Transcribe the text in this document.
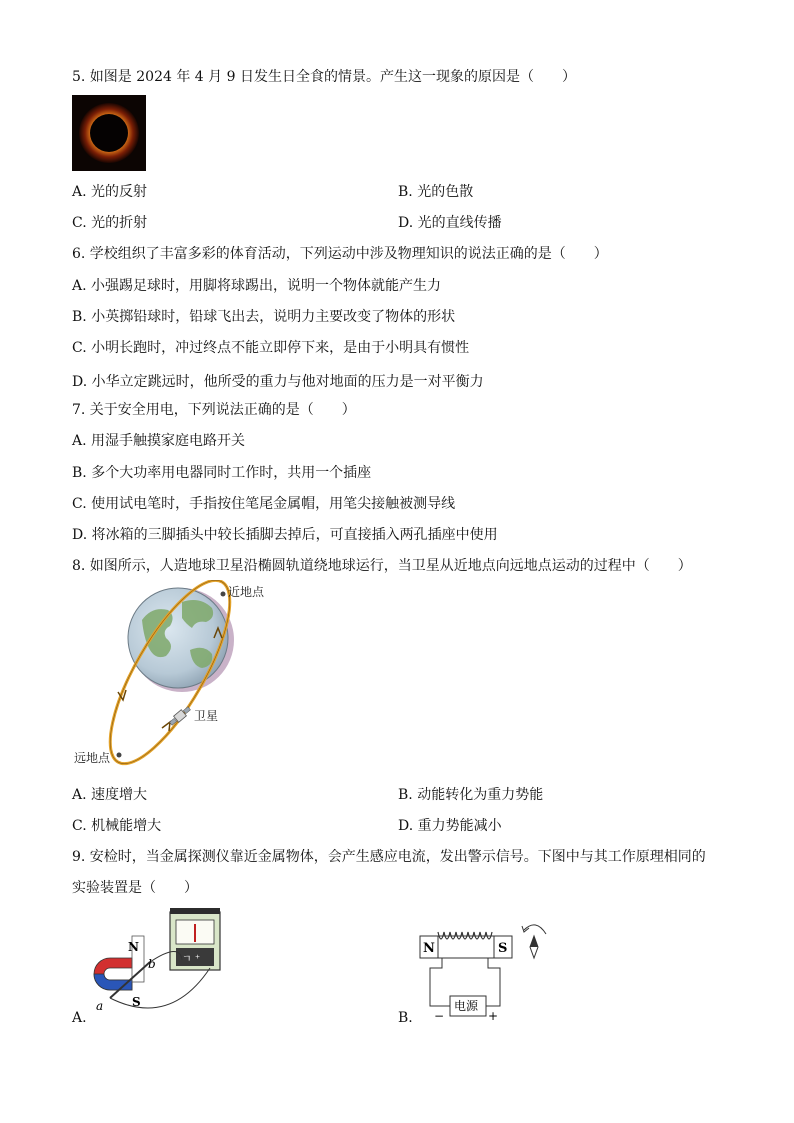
5. 如图是 2024 年 4 月 9 日发生日全食的情景。产生这一现象的原因是（　　）
A. 光的反射	B. 光的色散
C. 光的折射	D. 光的直线传播
6. 学校组织了丰富多彩的体育活动，下列运动中涉及物理知识的说法正确的是（　　）
A. 小强踢足球时，用脚将球踢出，说明一个物体就能产生力
B. 小英掷铅球时，铅球飞出去，说明力主要改变了物体的形状
C. 小明长跑时，冲过终点不能立即停下来，是由于小明具有惯性
D. 小华立定跳远时，他所受的重力与他对地面的压力是一对平衡力
7. 关于安全用电，下列说法正确的是（　　）
A. 用湿手触摸家庭电路开关
B. 多个大功率用电器同时工作时，共用一个插座
C. 使用试电笔时，手指按住笔尾金属帽，用笔尖接触被测导线
D. 将冰箱的三脚插头中较长插脚去掉后，可直接插入两孔插座中使用
8. 如图所示，人造地球卫星沿椭圆轨道绕地球运行，当卫星从近地点向远地点运动的过程中（　　）
近地点
远地点
卫星
A. 速度增大	B. 动能转化为重力势能
C. 机械能增大	D. 重力势能减小
9. 安检时，当金属探测仪靠近金属物体，会产生感应电流，发出警示信号。下图中与其工作原理相同的
实验装置是（　　）
ㄱ ⁺
N
S
a
b
A.
N	S
电源
−	+
B.
